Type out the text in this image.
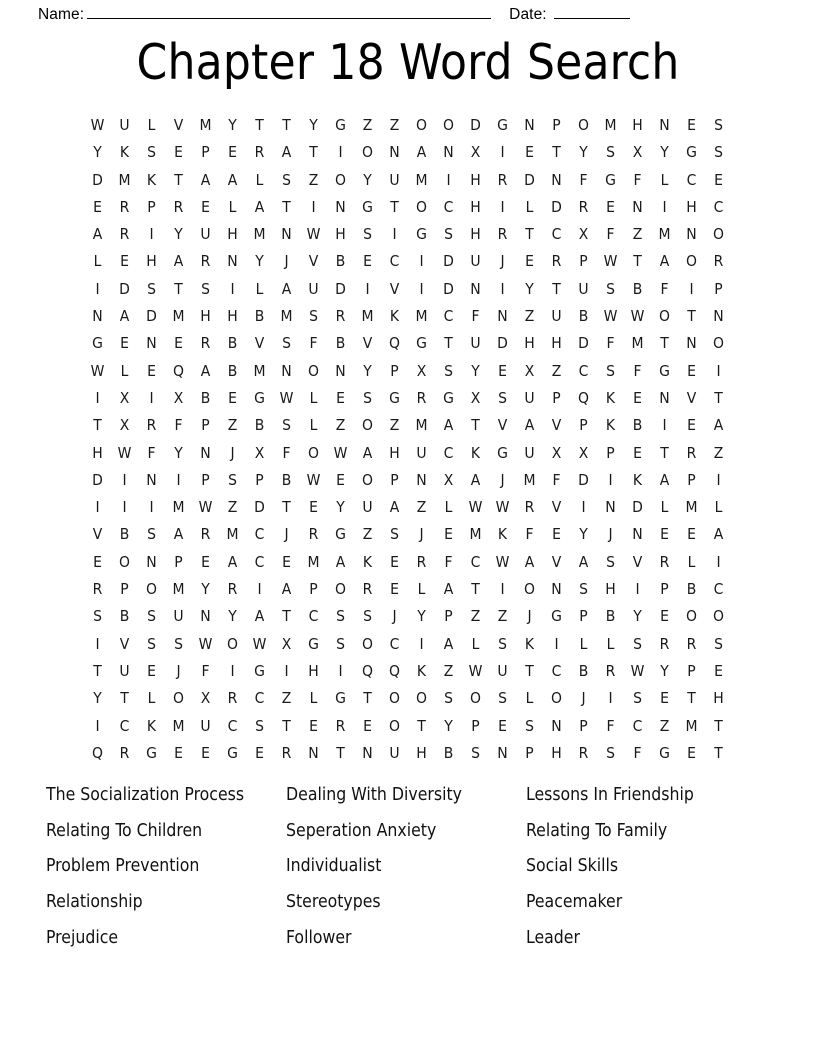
Name:	Date:
Chapter 18 Word Search
W U	L	V	M	Y	T	T	Y	G	Z	Z	O	O	D	G	N	P	O M	H	N	E	S
Y	K	S	E	P	E	R	A	T	I	O	N	A	N	X	I	E	T	Y	S	X	Y	G	S
D	M	K	T	A	A	L	S	Z	O	Y	U	M	I	H	R	D	N	F	G	F	L	C	E
E	R	P	R	E	L	A	T	I	N	G	T	O	C	H	I	L	D	R	E	N	I	H	C
A	R	I	Y	U	H	M	N W H	S	I	G	S	H	R	T	C	X	F	Z	M	N	O
L	E	H	A	R	N	Y	J	V	B	E	C	I	D	U	J	E	R	P	W	T	A	O	R
I	D	S	T	S	I	L	A	U	D	I	V	I	D	N	I	Y	T	U	S	B	F	I	P
N	A	D	M	H	H	B	M	S	R	M	K	M	C	F	N	Z	U	B W W O	T	N
G	E	N	E	R	B	V	S	F	B	V	Q	G	T	U	D	H	H	D	F	M	T	N	O
W	L	E	Q	A	B	M	N	O	N	Y	P	X	S	Y	E	X	Z	C	S	F	G	E	I
I	X	I	X	B	E	G W	L	E	S	G	R	G	X	S	U	P	Q	K	E	N	V	T
T	X	R	F	P	Z	B	S	L	Z	O	Z	M	A	T	V	A	V	P	K	B	I	E	A
H W	F	Y	N	J	X	F	O W A	H	U	C	K	G	U	X	X	P	E	T	R	Z
D	I	N	I	P	S	P	B W	E	O	P	N	X	A	J	M	F	D	I	K	A	P	I
I	I	I	M W Z	D	T	E	Y	U	A	Z	L	W W R	V	I	N	D	L	M	L
V	B	S	A	R	M	C	J	R	G	Z	S	J	E	M	K	F	E	Y	J	N	E	E	A
E	O	N	P	E	A	C	E	M	A	K	E	R	F	C W A	V	A	S	V	R	L	I
R	P	O M	Y	R	I	A	P	O	R	E	L	A	T	I	O	N	S	H	I	P	B	C
S	B	S	U	N	Y	A	T	C	S	S	J	Y	P	Z	Z	J	G	P	B	Y	E	O	O
I	V	S	S	W O W X	G	S	O	C	I	A	L	S	K	I	L	L	S	R	R	S
T	U	E	J	F	I	G	I	H	I	Q	Q	K	Z W U	T	C	B	R W	Y	P	E
Y	T	L	O	X	R	C	Z	L	G	T	O	O	S	O	S	L	O	J	I	S	E	T	H
I	C	K	M	U	C	S	T	E	R	E	O	T	Y	P	E	S	N	P	F	C	Z	M	T
Q	R	G	E	E	G	E	R	N	T	N	U	H	B	S	N	P	H	R	S	F	G	E	T
The Socialization Process	Dealing With Diversity	Lessons In Friendship
Relating To Children	Seperation Anxiety	Relating To Family
Problem Prevention	Individualist	Social Skills
Relationship	Stereotypes	Peacemaker
Prejudice	Follower	Leader
